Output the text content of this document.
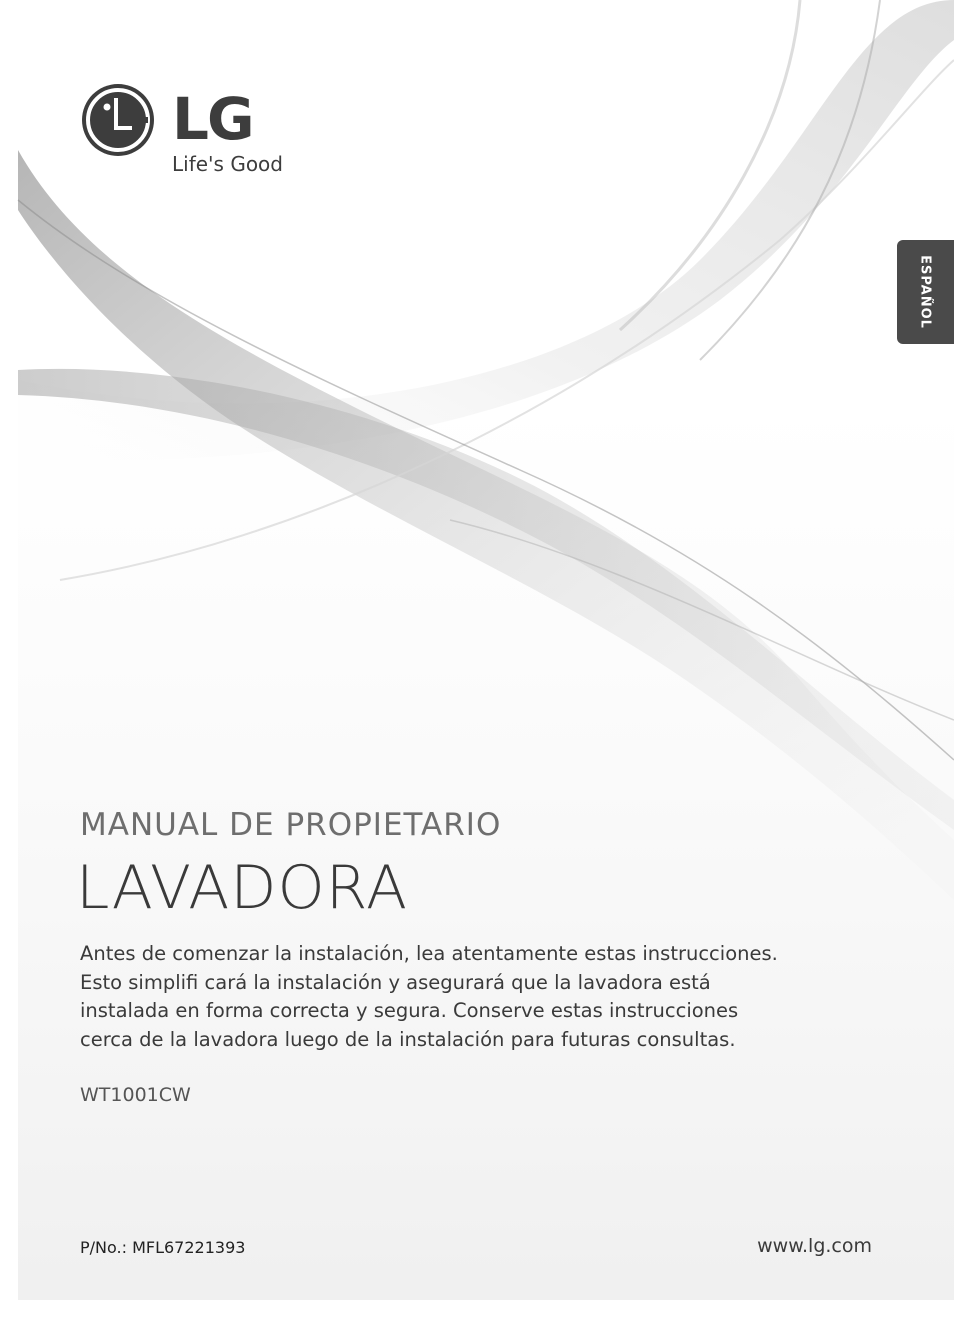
LG
Life's Good
ESPAÑOL
MANUAL DE PROPIETARIO
LAVADORA

Antes de comenzar la instalación, lea atentamente estas instrucciones.
Esto simplifi cará la instalación y asegurará que la lavadora está
instalada en forma correcta y segura. Conserve estas instrucciones
cerca de la lavadora luego de la instalación para futuras consultas.

WT1001CW
P/No.: MFL67221393	www.lg.com
